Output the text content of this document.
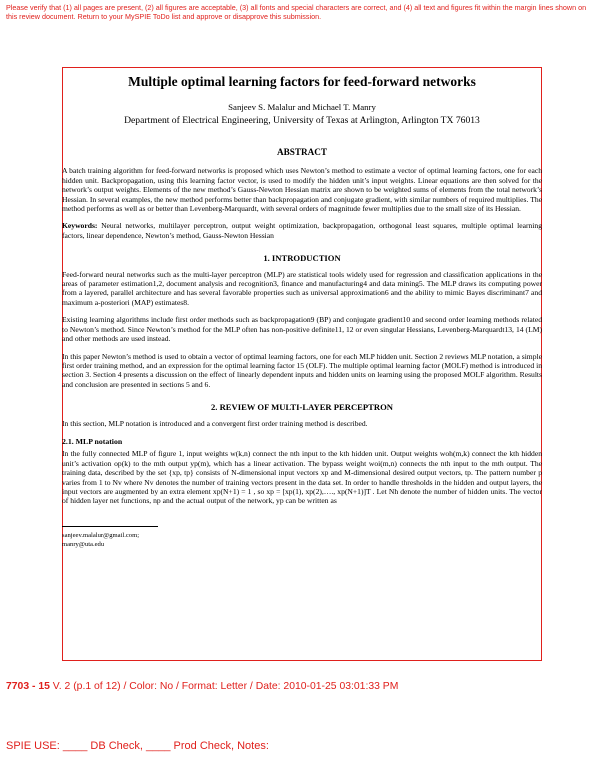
Please verify that (1) all pages are present, (2) all figures are acceptable, (3) all fonts and special characters are correct, and (4) all text and figures fit within the margin lines shown on this review document. Return to your MySPIE ToDo list and approve or disapprove this submission.
Multiple optimal learning factors for feed-forward networks
Sanjeev S. Malalur and Michael T. Manry
Department of Electrical Engineering, University of Texas at Arlington, Arlington TX 76013
ABSTRACT

A batch training algorithm for feed-forward networks is proposed which uses Newton’s method to estimate a vector of optimal learning factors, one for each hidden unit. Backpropagation, using this learning factor vector, is used to modify the hidden unit’s input weights. Linear equations are then solved for the network’s output weights. Elements of the new method’s Gauss-Newton Hessian matrix are shown to be weighted sums of elements from the total network’s Hessian. In several examples, the new method performs better than backpropagation and conjugate gradient, with similar numbers of required multiplies. The method performs as well as or better than Levenberg-Marquardt, with several orders of magnitude fewer multiplies due to the small size of its Hessian.

Keywords: Neural networks, multilayer perceptron, output weight optimization, backpropagation, orthogonal least squares, multiple optimal learning factors, linear dependence, Newton’s method, Gauss-Newton Hessian

1. INTRODUCTION

Feed-forward neural networks such as the multi-layer perceptron (MLP) are statistical tools widely used for regression and classification applications in the areas of parameter estimation1,2, document analysis and recognition3, finance and manufacturing4 and data mining5. The MLP draws its computing power from a layered, parallel architecture and has several favorable properties such as universal approximation6 and the ability to mimic Bayes discriminant7 and maximum a-posteriori (MAP) estimates8.

Existing learning algorithms include first order methods such as backpropagation9 (BP) and conjugate gradient10 and second order learning methods related to Newton’s method. Since Newton’s method for the MLP often has non-positive definite11, 12 or even singular Hessians, Levenberg-Marquardt13, 14 (LM) and other methods are used instead.

In this paper Newton’s method is used to obtain a vector of optimal learning factors, one for each MLP hidden unit. Section 2 reviews MLP notation, a simple first order training method, and an expression for the optimal learning factor 15 (OLF). The multiple optimal learning factor (MOLF) method is introduced in section 3. Section 4 presents a discussion on the effect of linearly dependent inputs and hidden units on learning using the proposed MOLF algorithm. Results and conclusion are presented in sections 5 and 6.

2. REVIEW OF MULTI-LAYER PERCEPTRON

In this section, MLP notation is introduced and a convergent first order training method is described.

2.1. MLP notation

In the fully connected MLP of figure 1, input weights w(k,n) connect the nth input to the kth hidden unit. Output weights woh(m,k) connect the kth hidden unit’s activation op(k) to the mth output yp(m), which has a linear activation. The bypass weight woi(m,n) connects the nth input to the mth output. The training data, described by the set {xp, tp} consists of N-dimensional input vectors xp and M-dimensional desired output vectors, tp. The pattern number p varies from 1 to Nv where Nv denotes the number of training vectors present in the data set. In order to handle thresholds in the hidden and output layers, the input vectors are augmented by an extra element xp(N+1) = 1 , so xp = [xp(1), xp(2),…., xp(N+1)]T . Let Nh denote the number of hidden units. The vector of hidden layer net functions, np and the actual output of the network, yp can be written as

sanjeev.malalur@gmail.com; manry@uta.edu
7703 - 15 V. 2 (p.1 of 12) / Color: No / Format: Letter / Date: 2010-01-25 03:01:33 PM
SPIE USE: ____ DB Check, ____ Prod Check, Notes:
